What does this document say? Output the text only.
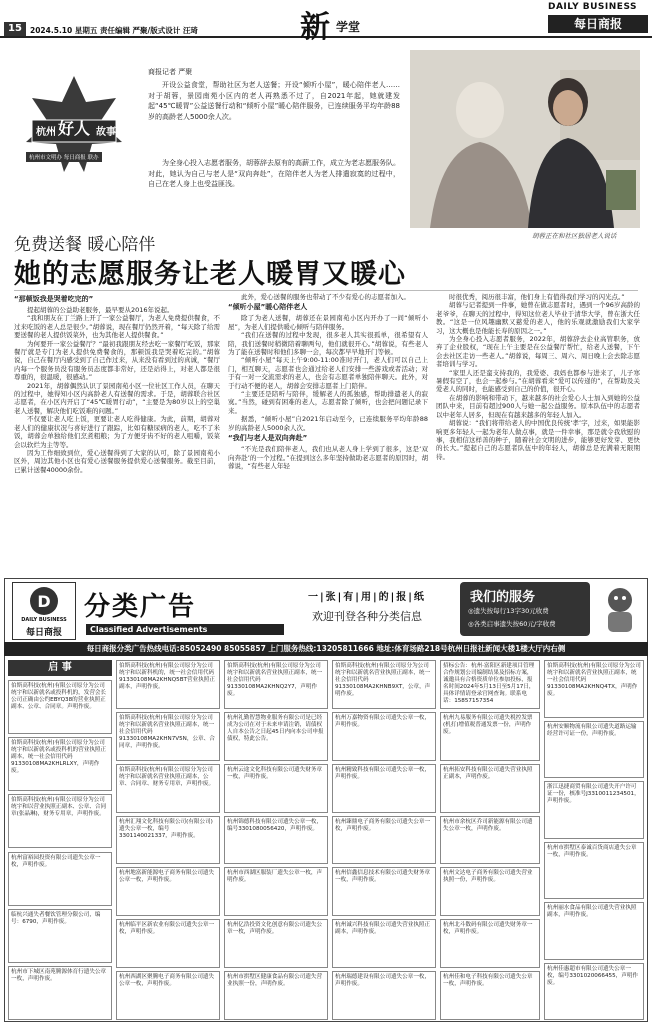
15	2024.5.10 星期五 责任编辑 严聚/版式设计 汪琦	新 学堂
DAILY BUSINESS
每日商报
杭州 好人 故事
杭州市文明办 每日商报 联办
商报记者 严聚

开设公益食堂，帮助社区为老人送餐；开设“倾听小屋”，暖心陪伴老人……对于胡蓉，景园南苑小区内的老人再熟悉不过了，自2021年起，她就建发起“45℃暖胃”公益送餐行动和“倾听小屋”暖心陪伴服务，已连续服务平均年龄88岁的高龄老人5000余人次。

为全身心投入志愿者服务，胡蓉辞去原有的高薪工作，成立为老志愿服务队。对此，她认为自己与老人是“双向奔赴”，在陪伴老人为老人排遣寂寞的过程中，自己在老人身上也受益匪浅。

胡蓉正在和社区独居老人说话
免费送餐 暖心陪伴
她的志愿服务让老人暖胃又暖心

“那顿饭我是哭着吃完的”

提起胡蓉的公益助老服务，最早要从2016年说起。

“我和朋友在丁兰路上开了一家公益餐厅，为老人免费提供餐食，不过来吃饭的老人总是很少。”胡蓉说，现在餐厅仍然开着，“每天除了给需要送餐的老人提供饭菜外，也为其他老人提供餐食。”

为何要开一家公益餐厅？“最初我跟朋友经去吃一家餐厅吃饭，那家餐厅就是专门为老人提供免费餐食的，那顿饭我是哭着吃完的。”胡蓉说，自己在餐厅内感受到了自己作过来，从来没有看到过的真诚，“餐厅内每一个服务员没有服务员态度都非常好，还是站得上，对老人都是很尊重的，很温暖，很感动。”

2021年，胡蓉偶然认识了景园南苑小区一位社区工作人员，在聊天的过程中，她得知小区内高龄老人有送餐的需求。于是，胡蓉联合社区志愿者，在小区内开启了“45℃暖胃行动”，“主要是为80岁以上的空巢老人送餐，解决他们吃饭难的问题。”

不仅要让老人吃上饭，更要让老人吃得健康。为此，前期，胡蓉对老人们的健康状况与喜好进行了跟踪，比如有糖尿病的老人，吃不了米饭，胡蓉会单独给他们烹煮粗粮；为了方便牙齿不好的老人咀嚼，饭菜会以软烂为主等等。

因为工作细致到位，爱心送餐得到了大家的认可，除了景园南苑小区外，周边其他小区也有爱心送餐服务提供爱心送餐服务。截至目前，已累计送餐40000余份。

此外，爱心送餐的服务也带动了不少有爱心的志愿者加入。

“倾听小屋”暖心陪伴老人

除了为老人送餐，胡蓉还在景园南苑小区内开办了一间“倾听小屋”，为老人们提供暖心倾听与陪伴服务。

“我们在送餐的过程中发现，很多老人其实很孤单，很希望有人陪，我们送餐时稍微陪着聊两句，他们就很开心。”胡蓉说，有些老人为了能在送餐时和他们多聊一会，每次都早早地开门等候。

“倾听小屋”每天上午9:00-11:00准时开门，老人们可以自己上门，相互聊天，志愿者也会通过给老人们安排一些游戏或者活动；对于有一对一交流需求的老人，也会有志愿者单独陪伴聊天。此外，对于行动不便的老人，胡蓉会安排志愿者上门陪伴。

“主要还是陪听与陪伴，缓解老人的孤独感，帮助排遣老人的寂寞。”当然，碰到有困难的老人，志愿者除了倾听，也会把问题记录下来。

据悉，“倾听小屋”自2021年启动至今，已连续服务平均年龄88岁的高龄老人5000余人次。

“我们与老人是双向奔赴”

“不光是我们陪伴老人，我们也从老人身上学到了很多，这是‘双向奔赴’的一个过程。”在提到这么多年坚持做助老志愿者的原因时，胡蓉说，“有些老人年轻

时很优秀，阅历很丰富，他们身上有值得我们学习的闪光点。”

胡蓉与记者提到一件事，她曾在做志愿者时，遇到一个96岁高龄的老爷爷，在聊天的过程中，得知这位老人毕业于清华大学，曾在浙大任教。“这是一位风趣幽默又慈爱的老人，他的乐观就激励我们大家学习，这大概也是他能长寿的原因之一。”

为全身心投入志愿者服务，2022年，胡蓉辞去企业高管职务，放弃了企业股权，“现在上午主要是在公益餐厅帮忙，给老人送餐，下午会去社区走访一些老人。”胡蓉说，每周三、周六、周日晚上会去除志愿者培训与学习。

“家里人还是蛮支持我的，我爱婆、我妈也都参与进来了，儿子寒暑假有空了，也会一起参与。”在胡蓉看来“爱可以传递的”，在帮助及关爱老人的同时，也能感受到自己的价值，很开心。

在胡蓉的影响和带动下，越来越多的社会爱心人士加入到她的公益团队中来，目前有超过900人与她一起公益服务。原本队伍中的志愿者以中老年人居多，但现在有越来越多的年轻人加入。

胡蓉说：“我们将带给老人的中国优良传统‘孝’字，过来，如果能影响更多年轻人一起为老年人做点事，就是一件幸事，那是就令我欣慰的事，我相信这样善的种子，随着社会文明的进步，能够更好发芽、更快的长大。”提起自己的志愿者队伍中的年轻人，胡蓉总是充满着无限期待。

D
DAILY BUSINESS
每日商报
分类广告
Classified Advertisements
一|张|有|用|的|报|纸
欢迎刊登各种分类信息
我们的服务
◎遗失按每行13字30元收费
◎各类启事遗失按60元/字收费
每日商报分类广告热线电话:85052490 85055857 上门服务热线:13205811666 地址:体育场路218号杭州日报社新闻大楼1楼大厅内右侧
启 事
伯斯高科技(杭州)有限公司原分为公司统宇和以新就名或投科机的，发营会长公司正确由公约EBYQ38的营业执照正副本、公章、合同章。声明作废。
伯斯高科技(杭州)有限公司原分为公司统宇和以新就名或投科机的营业执照正副本，统一社会信用代码91330108MA2KHLRLXY，声明作废。
伯斯高科技(杭州)有限公司原分为公司统宇和以营业执照正副本、公章、合同章(张晶琳)，财务专用章，声明作废。
杭州富裕园投资有限公司遗失公章一枚，声明作废。
临杭兴通失者餐饮管理分限公司，编号：6790，声明作废。
杭州市下城区南苑腾源体育行遗失公章一枚，声明作废。
伯斯高科技(杭州)有限公司原分为公司统宇和以新科机的，统一社会信用代码91330108MA2KHNQ5BT营业执照正副本，声明作废。
伯斯高科技(杭州)有限公司原分为公司统宇和以新就名营业执照正副本，统一社会信用代码91330108MA2KHN7V5N，公章、合同章，声明作废。
伯斯高科技(杭州)有限公司原分为公司统宇和以新就名营业执照正副本，公章、合同章、财务专用章，声明作废。
杭州汇翔文化科技有限公司(有限公司)遗失公章一枚，编号3301140021337，声明作废。
杭州地富新能源电子商务有限公司遗失公章一枚，声明作废。
杭州临平区新农业有限公司遗失公章一枚，声明作废。
杭州西湖区聚腾电子商务有限公司遗失公章一枚，声明作废。
伯斯高科技(杭州)有限公司原分为公司统宇和以新就名营业执照正副本，统一社会信用代码91330108MA2KHNQ2Y7，声明作废。
杭州礼勤智慧物业服务有限公司是已经成为公司在对于未来申请注销，请债权人自本公告之日起45日内向本公司申报债权，特此公告。
杭州云途文化科技有限公司遗失财务章一枚，声明作废。
杭州锦德科技有限公司遗失公章一枚，编号3301080056420，声明作废。
杭州市西湖区服装厂遗失公章一枚，声明作废。
杭州亿浩投资文化创意有限公司遗失公章一枚，声明作废。
杭州市拱墅区健康食品有限公司遗失营业执照一份，声明作废。
伯斯高科技(杭州)有限公司原分为公司统宇和以新就名营业执照正副本，统一社会信用代码91330108MA2KHNB9XT，公章，声明作废。
杭州万嘉物资有限公司遗失公章一枚，声明作废。
杭州精致科技有限公司遗失公章一枚，声明作废。
杭州臻鼎电子商务有限公司遗失公章一枚，声明作废。
杭州信鑫信息技术有限公司遗失财务章一枚，声明作废。
杭州诚兴科技有限公司遗失营业执照正副本，声明作废。
杭州瑞德建设有限公司遗失公章一枚，声明作废。
招标公告：杭州·富阳区新建项目管理合作规划公司编制结果及招标方案，诚邀具有合格资质单位参加投标，报名时间2024年5月13日至5月17日，具体详情请登录官网查询。联系电话：15857157354
杭州九易服务有限公司遗失税控发票(机打)增值税普通发票一份，声明作废。
杭州拓安科技有限公司遗失营业执照正副本，声明作废。
杭州市余杭区乔司新能源有限公司遗失公章一枚，声明作废。
杭州文达电子商务有限公司遗失营业执照一份，声明作废。
杭州北斗数码有限公司遗失财务章一枚，声明作废。
杭州佳和电子科技有限公司遗失公章一枚，声明作废。
伯斯高科技(杭州)有限公司原分为公司统宇和以新就名营业执照正副本，统一社会信用代码91330108MA2KHNQ4TX，声明作废。
杭州安顺物流有限公司遗失道路运输经营许可证一份，声明作废。
浙江迅捷商贸有限公司遗失开户许可证一份，核准号J3310011234501，声明作废。
杭州市拱墅区泰诚百货商店遗失公章一枚，声明作废。
杭州丽水食品有限公司遗失营业执照副本，声明作废。
杭州佳惠超市有限公司遗失公章一枚，编号3301020066455，声明作废。
